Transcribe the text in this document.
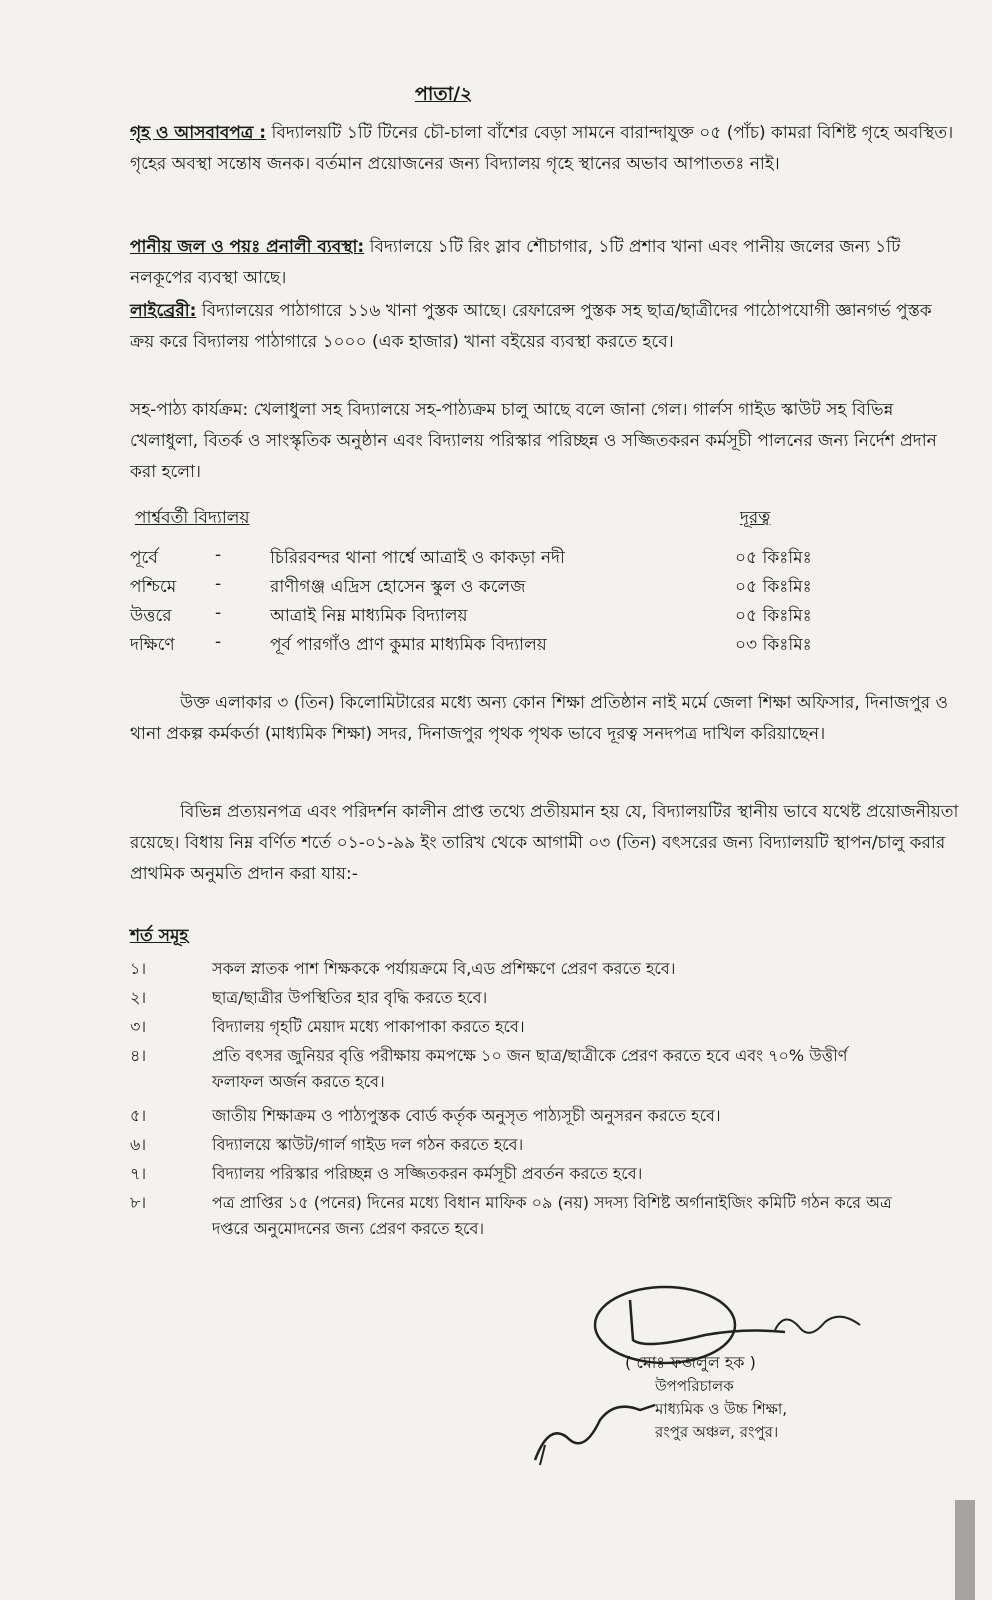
পাতা/২
গৃহ ও আসবাবপত্র : বিদ্যালয়টি ১টি টিনের চৌ-চালা বাঁশের বেড়া সামনে বারান্দাযুক্ত ০৫ (পাঁচ) কামরা বিশিষ্ট গৃহে অবস্থিত। গৃহের অবস্থা সন্তোষ জনক। বর্তমান প্রয়োজনের জন্য বিদ্যালয় গৃহে স্থানের অভাব আপাততঃ নাই।
পানীয় জল ও পয়ঃ প্রনালী ব্যবস্থা: বিদ্যালয়ে ১টি রিং স্লাব শৌচাগার, ১টি প্রশাব খানা এবং পানীয় জলের জন্য ১টি নলকূপের ব্যবস্থা আছে।
লাইব্রেরী: বিদ্যালয়ের পাঠাগারে ১১৬ খানা পুস্তক আছে। রেফারেন্স পুস্তক সহ ছাত্র/ছাত্রীদের পাঠোপযোগী জ্ঞানগর্ভ পুস্তক ক্রয় করে বিদ্যালয় পাঠাগারে ১০০০ (এক হাজার) খানা বইয়ের ব্যবস্থা করতে হবে।
সহ-পাঠ্য কার্যক্রম: খেলাধুলা সহ বিদ্যালয়ে সহ-পাঠ্যক্রম চালু আছে বলে জানা গেল। গার্লস গাইড স্কাউট সহ বিভিন্ন খেলাধুলা, বিতর্ক ও সাংস্কৃতিক অনুষ্ঠান এবং বিদ্যালয় পরিস্কার পরিচ্ছন্ন ও সজ্জিতকরন কর্মসূচী পালনের জন্য নির্দেশ প্রদান করা হলো।
পার্শ্ববর্তী বিদ্যালয়	দূরত্ব
পূর্বে	-	চিরিরবন্দর থানা পার্শ্বে আত্রাই ও কাকড়া নদী	০৫ কিঃমিঃ
পশ্চিমে -	রাণীগঞ্জ এদ্রিস হোসেন স্কুল ও কলেজ	০৫ কিঃমিঃ
উত্তরে	-	আত্রাই নিম্ন মাধ্যমিক বিদ্যালয়	০৫ কিঃমিঃ
দক্ষিণে -	পূর্ব পারগাঁও প্রাণ কুমার মাধ্যমিক বিদ্যালয়	০৩ কিঃমিঃ
উক্ত এলাকার ৩ (তিন) কিলোমিটারের মধ্যে অন্য কোন শিক্ষা প্রতিষ্ঠান নাই মর্মে জেলা শিক্ষা অফিসার, দিনাজপুর ও থানা প্রকল্প কর্মকর্তা (মাধ্যমিক শিক্ষা) সদর, দিনাজপুর পৃথক পৃথক ভাবে দূরত্ব সনদপত্র দাখিল করিয়াছেন।
বিভিন্ন প্রত্যয়নপত্র এবং পরিদর্শন কালীন প্রাপ্ত তথ্যে প্রতীয়মান হয় যে, বিদ্যালয়টির স্থানীয় ভাবে যথেষ্ট প্রয়োজনীয়তা রয়েছে। বিধায় নিম্ন বর্ণিত শর্তে ০১-০১-৯৯ ইং তারিখ থেকে আগামী ০৩ (তিন) বৎসরের জন্য বিদ্যালয়টি স্থাপন/চালু করার প্রাথমিক অনুমতি প্রদান করা যায়:-
শর্ত সমূহ
১।	সকল স্নাতক পাশ শিক্ষককে পর্যায়ক্রমে বি,এড প্রশিক্ষণে প্রেরণ করতে হবে।
২।	ছাত্র/ছাত্রীর উপস্থিতির হার বৃদ্ধি করতে হবে।
৩।	বিদ্যালয় গৃহটি মেয়াদ মধ্যে পাকাপাকা করতে হবে।
৪।	প্রতি বৎসর জুনিয়র বৃত্তি পরীক্ষায় কমপক্ষে ১০ জন ছাত্র/ছাত্রীকে প্রেরণ করতে হবে এবং ৭০% উত্তীর্ণ ফলাফল অর্জন করতে হবে।
৫।	জাতীয় শিক্ষাক্রম ও পাঠ্যপুস্তক বোর্ড কর্তৃক অনুসৃত পাঠ্যসূচী অনুসরন করতে হবে।
৬।	বিদ্যালয়ে স্কাউট/গার্ল গাইড দল গঠন করতে হবে।
৭।	বিদ্যালয় পরিস্কার পরিচ্ছন্ন ও সজ্জিতকরন কর্মসূচী প্রবর্তন করতে হবে।
৮।	পত্র প্রাপ্তির ১৫ (পনের) দিনের মধ্যে বিধান মাফিক ০৯ (নয়) সদস্য বিশিষ্ট অর্গানাইজিং কমিটি গঠন করে অত্র দপ্তরে অনুমোদনের জন্য প্রেরণ করতে হবে।
( মোঃ ফজলুল হক )
উপপরিচালক
মাধ্যমিক ও উচ্চ শিক্ষা,
রংপুর অঞ্চল, রংপুর।
